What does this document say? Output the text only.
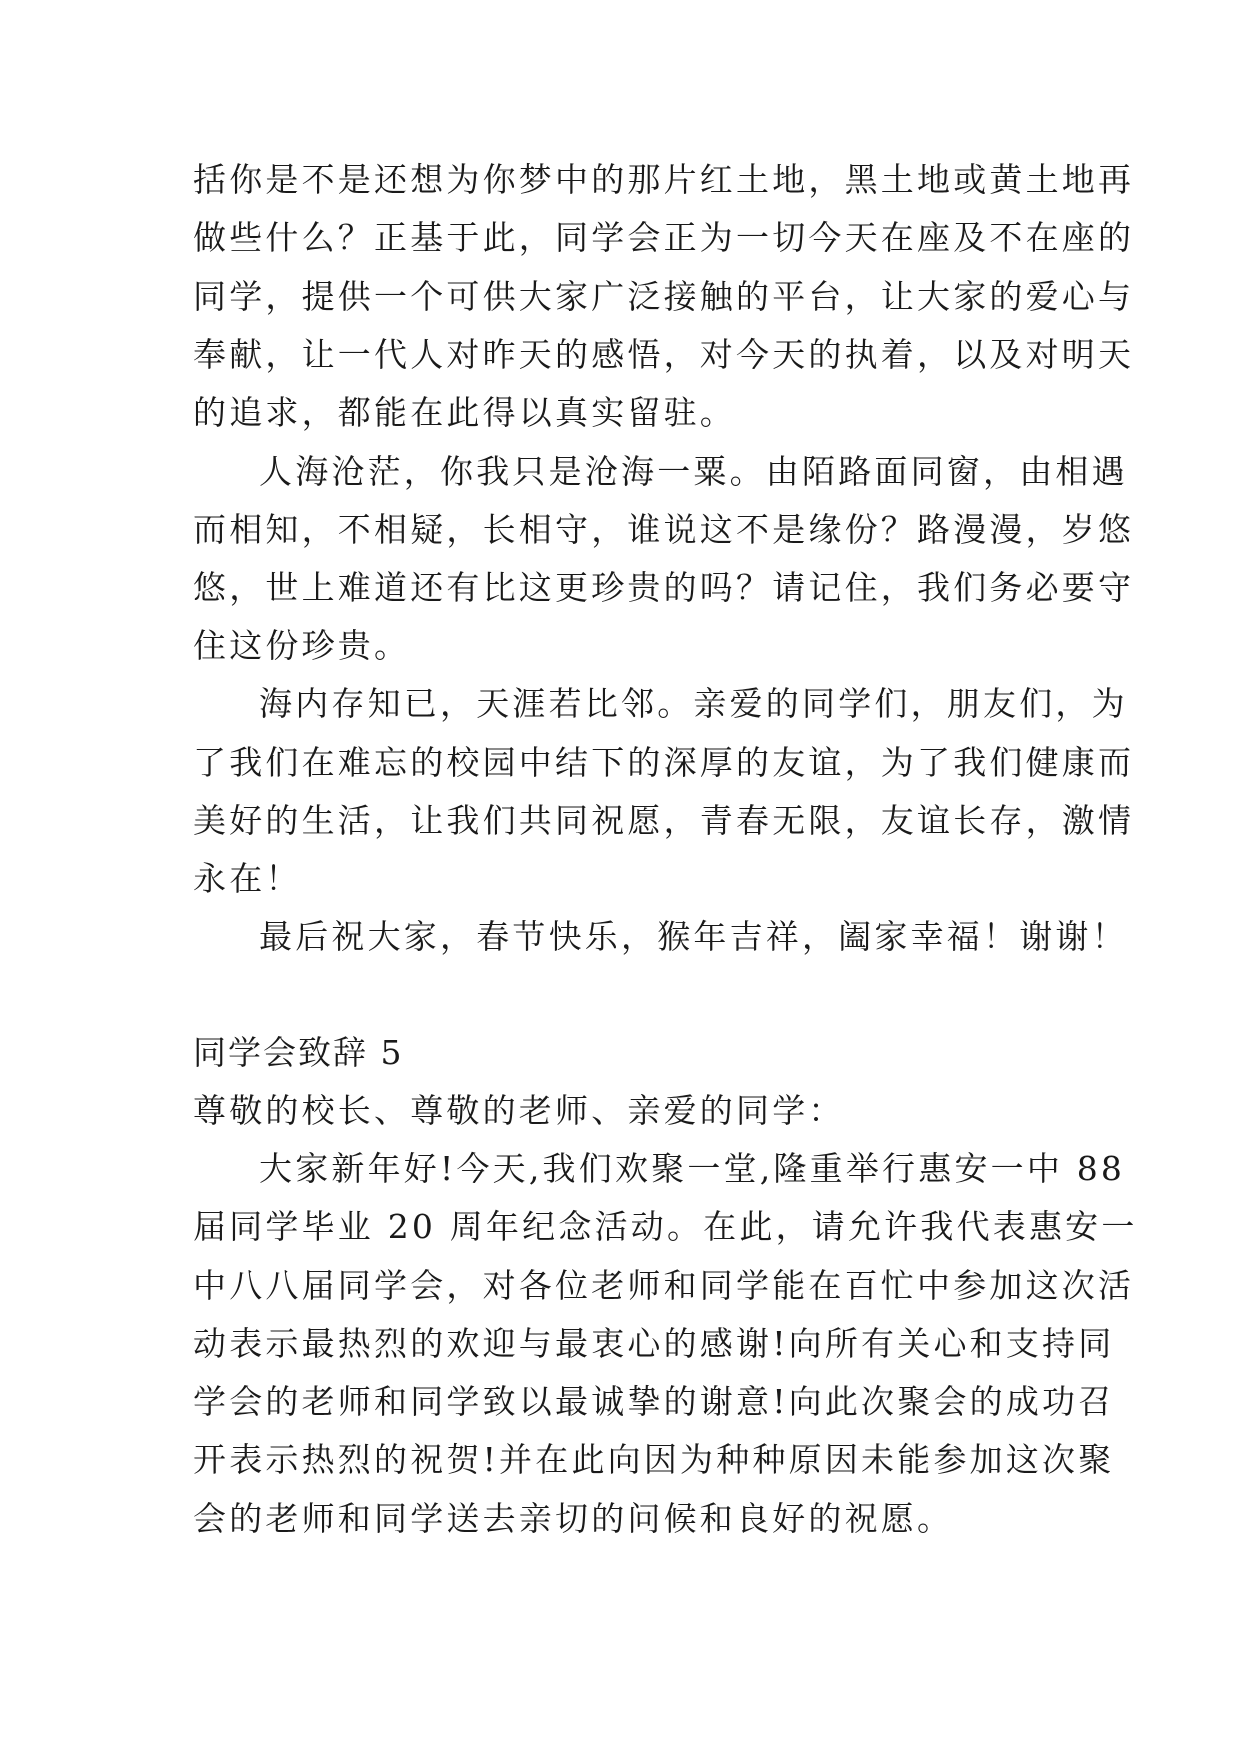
括你是不是还想为你梦中的那片红土地，黑土地或黄土地再
做些什么？正基于此，同学会正为一切今天在座及不在座的
同学，提供一个可供大家广泛接触的平台，让大家的爱心与
奉献，让一代人对昨天的感悟，对今天的执着，以及对明天
的追求，都能在此得以真实留驻。
人海沧茫，你我只是沧海一粟。由陌路面同窗，由相遇
而相知，不相疑，长相守，谁说这不是缘份？路漫漫，岁悠
悠，世上难道还有比这更珍贵的吗？请记住，我们务必要守
住这份珍贵。
海内存知已，天涯若比邻。亲爱的同学们，朋友们，为
了我们在难忘的校园中结下的深厚的友谊，为了我们健康而
美好的生活，让我们共同祝愿，青春无限，友谊长存，激情
永在！
最后祝大家，春节快乐，猴年吉祥，阖家幸福！谢谢！
同学会致辞 5
尊敬的校长、尊敬的老师、亲爱的同学：
大家新年好!今天,我们欢聚一堂,隆重举行惠安一中 88
届同学毕业 20 周年纪念活动。在此，请允许我代表惠安一
中八八届同学会，对各位老师和同学能在百忙中参加这次活
动表示最热烈的欢迎与最衷心的感谢!向所有关心和支持同
学会的老师和同学致以最诚挚的谢意!向此次聚会的成功召
开表示热烈的祝贺!并在此向因为种种原因未能参加这次聚
会的老师和同学送去亲切的问候和良好的祝愿。
